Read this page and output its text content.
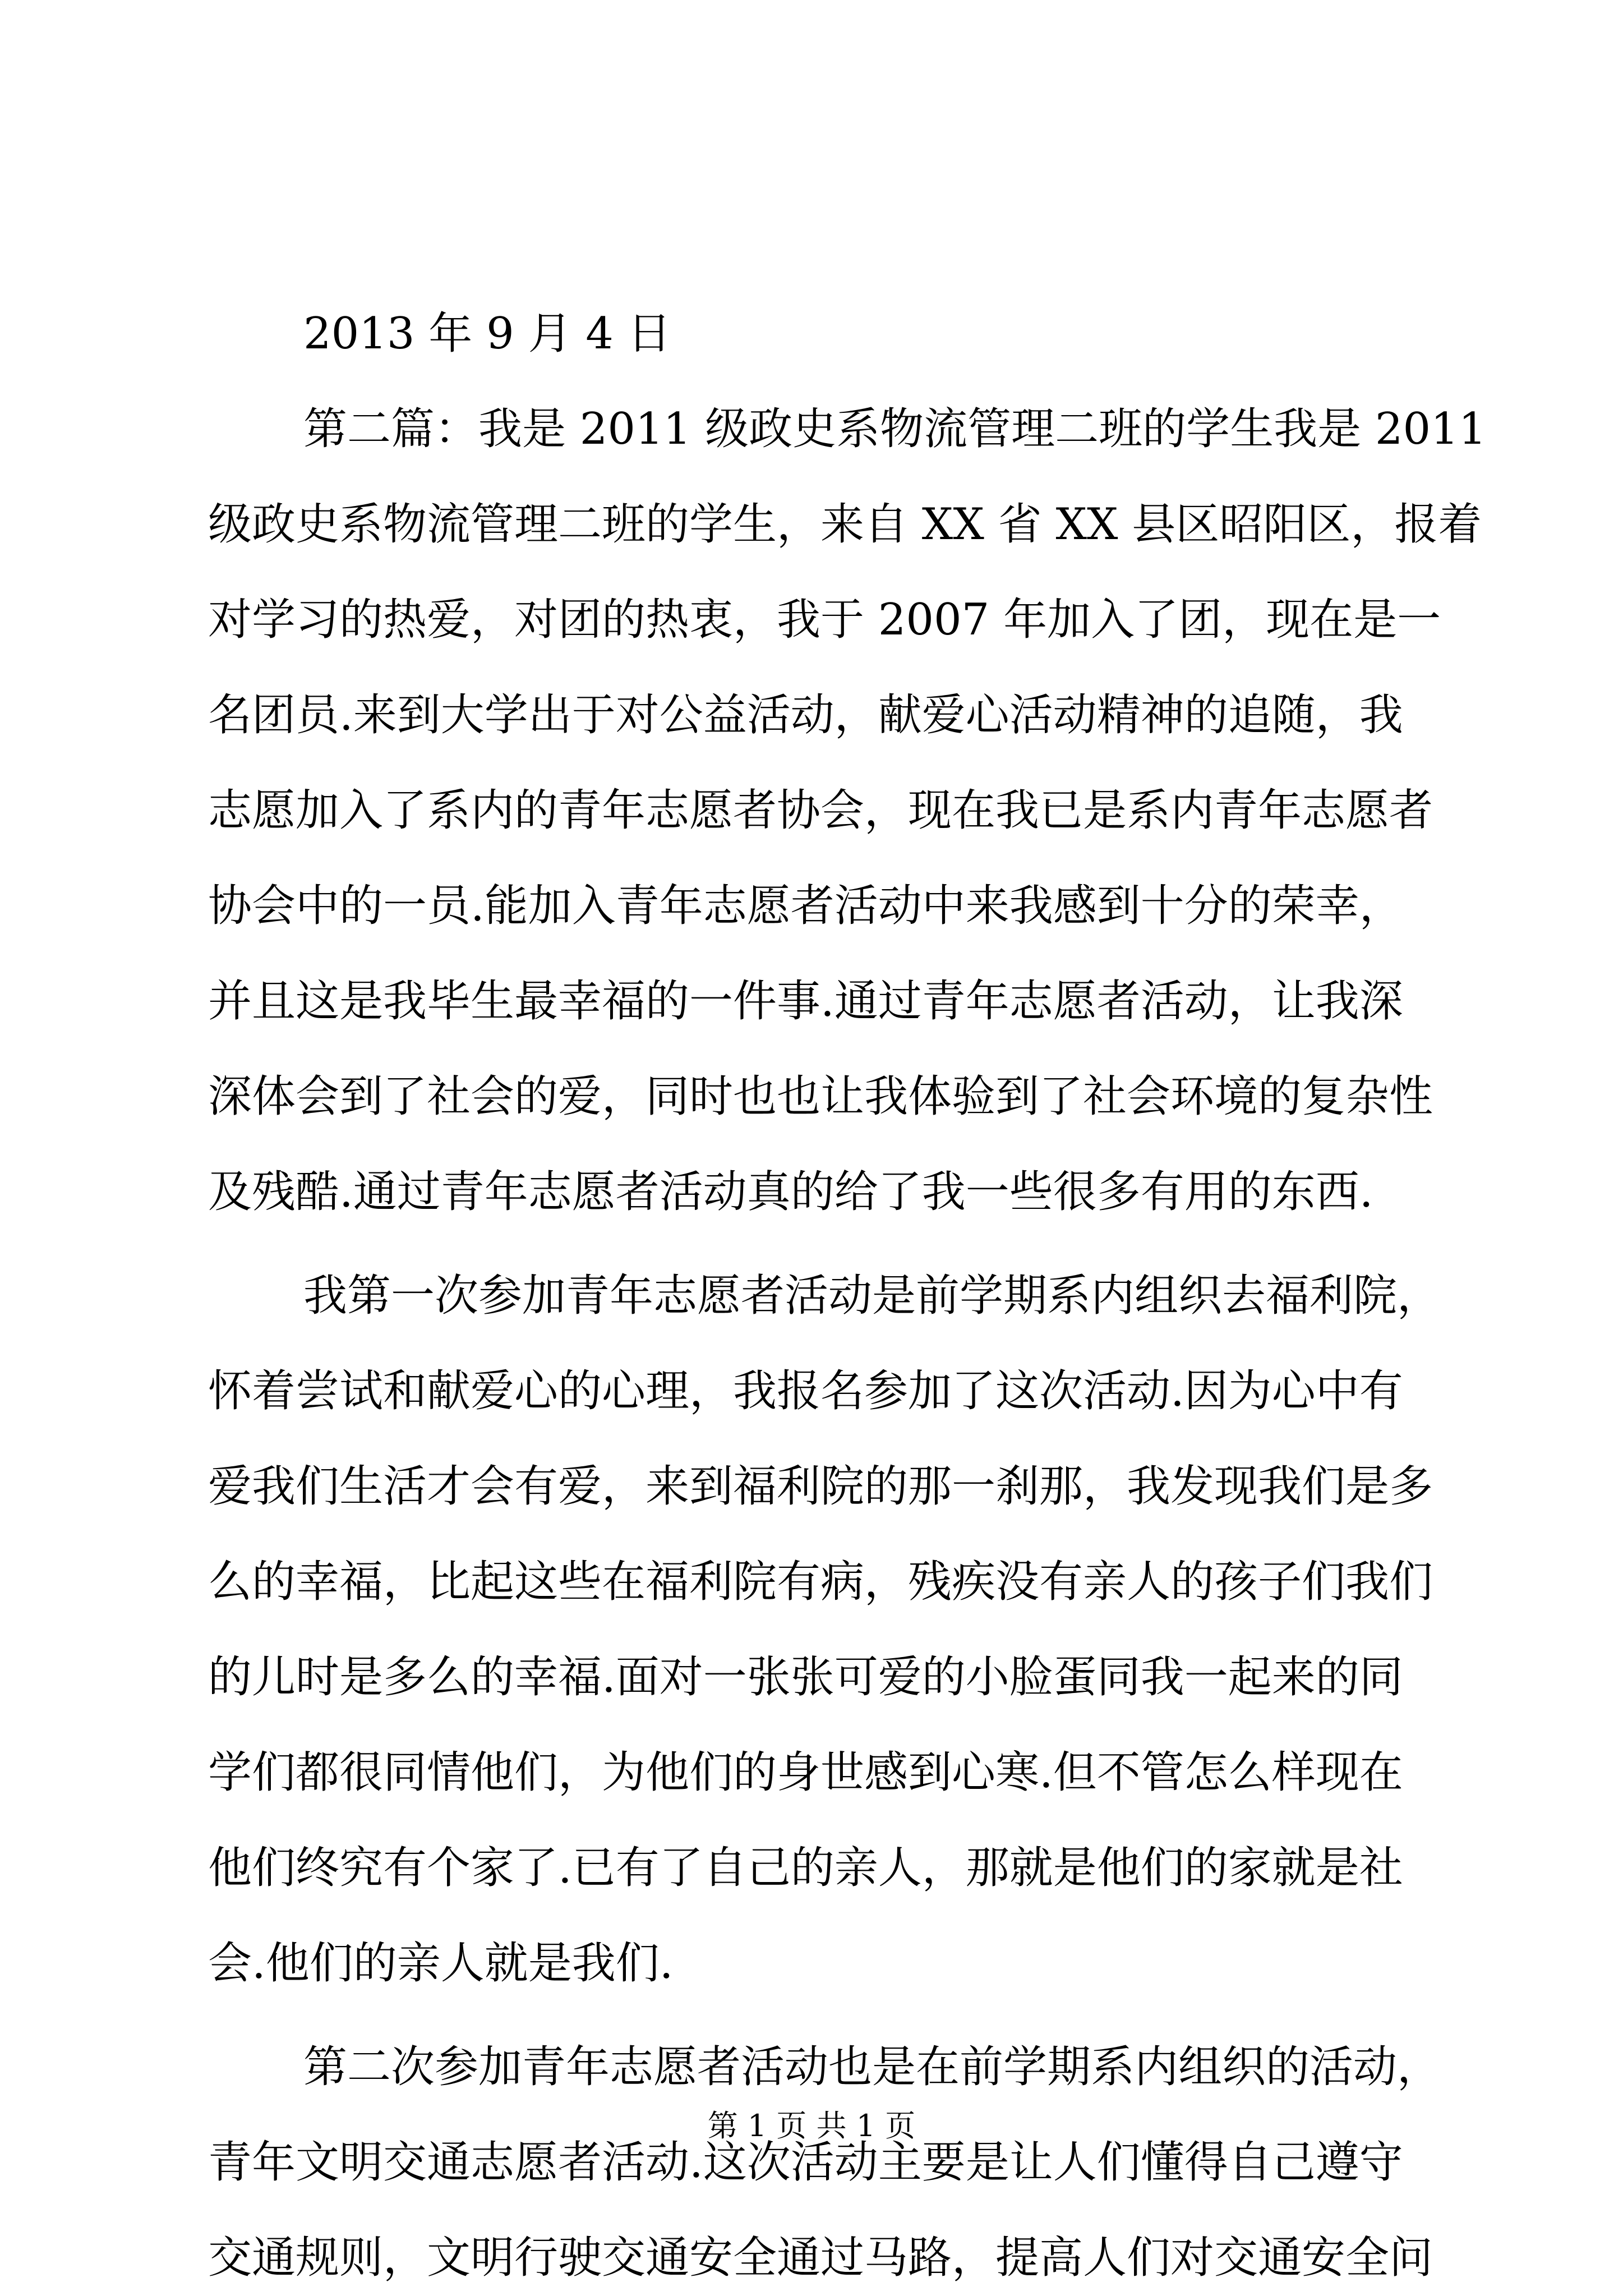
2013 年 9 月 4 日
第二篇：我是 2011 级政史系物流管理二班的学生我是 2011
级政史系物流管理二班的学生，来自 XX 省 XX 县区昭阳区，报着
对学习的热爱，对团的热衷，我于 2007 年加入了团，现在是一
名团员.来到大学出于对公益活动，献爱心活动精神的追随，我
志愿加入了系内的青年志愿者协会，现在我已是系内青年志愿者
协会中的一员.能加入青年志愿者活动中来我感到十分的荣幸，
并且这是我毕生最幸福的一件事.通过青年志愿者活动，让我深
深体会到了社会的爱，同时也也让我体验到了社会环境的复杂性
及残酷.通过青年志愿者活动真的给了我一些很多有用的东西.
我第一次参加青年志愿者活动是前学期系内组织去福利院，
怀着尝试和献爱心的心理，我报名参加了这次活动.因为心中有
爱我们生活才会有爱，来到福利院的那一刹那，我发现我们是多
么的幸福，比起这些在福利院有病，残疾没有亲人的孩子们我们
的儿时是多么的幸福.面对一张张可爱的小脸蛋同我一起来的同
学们都很同情他们，为他们的身世感到心寒.但不管怎么样现在
他们终究有个家了.已有了自己的亲人，那就是他们的家就是社
会.他们的亲人就是我们.
第二次参加青年志愿者活动也是在前学期系内组织的活动，
青年文明交通志愿者活动.这次活动主要是让人们懂得自己遵守
交通规则，文明行驶交通安全通过马路，提高人们对交通安全问
第 1 页 共 1 页
